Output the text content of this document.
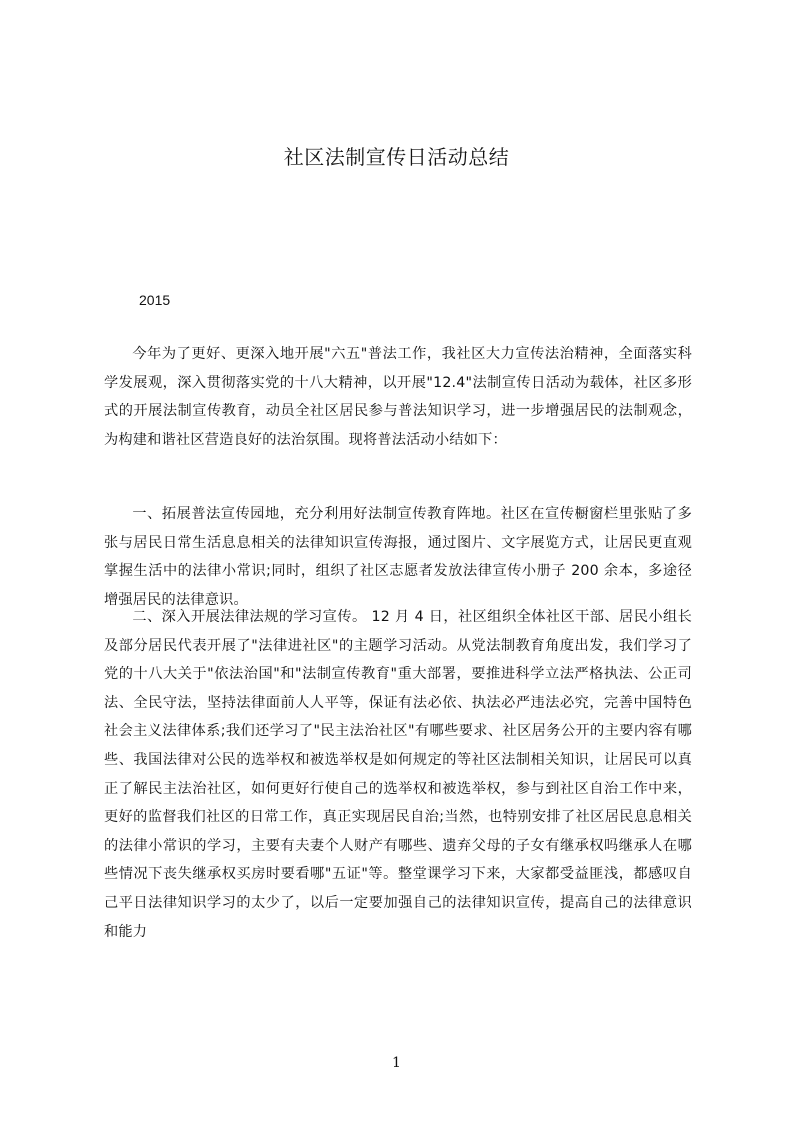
社区法制宣传日活动总结
2015

今年为了更好、更深入地开展"六五"普法工作，我社区大力宣传法治精神，全面落实科学发展观，深入贯彻落实党的十八大精神，以开展"12.4"法制宣传日活动为载体，社区多形式的开展法制宣传教育，动员全社区居民参与普法知识学习，进一步增强居民的法制观念，为构建和谐社区营造良好的法治氛围。现将普法活动小结如下：

一、拓展普法宣传园地，充分利用好法制宣传教育阵地。社区在宣传橱窗栏里张贴了多张与居民日常生活息息相关的法律知识宣传海报，通过图片、文字展览方式，让居民更直观掌握生活中的法律小常识;同时，组织了社区志愿者发放法律宣传小册子 200 余本，多途径增强居民的法律意识。

二、深入开展法律法规的学习宣传。 12 月 4 日，社区组织全体社区干部、居民小组长及部分居民代表开展了"法律进社区"的主题学习活动。从党法制教育角度出发，我们学习了党的十八大关于"依法治国"和"法制宣传教育"重大部署，要推进科学立法严格执法、公正司法、全民守法，坚持法律面前人人平等，保证有法必依、执法必严违法必究，完善中国特色社会主义法律体系;我们还学习了"民主法治社区"有哪些要求、社区居务公开的主要内容有哪些、我国法律对公民的选举权和被选举权是如何规定的等社区法制相关知识，让居民可以真正了解民主法治社区，如何更好行使自己的选举权和被选举权，参与到社区自治工作中来，更好的监督我们社区的日常工作，真正实现居民自治;当然，也特别安排了社区居民息息相关的法律小常识的学习，主要有夫妻个人财产有哪些、遗弃父母的子女有继承权吗继承人在哪些情况下丧失继承权买房时要看哪"五证"等。整堂课学习下来，大家都受益匪浅，都感叹自己平日法律知识学习的太少了，以后一定要加强自己的法律知识宣传，提高自己的法律意识和能力

1
